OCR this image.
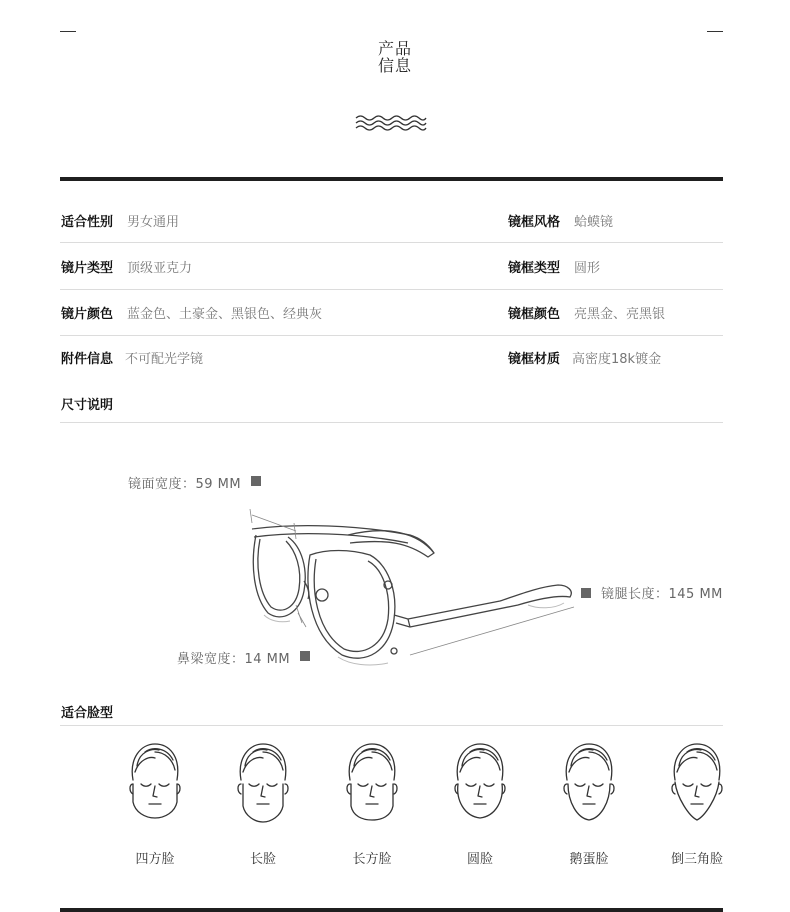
产品
信息
适合性别 男女通用	镜框风格 蛤蟆镜
镜片类型 顶级亚克力	镜框类型 圆形
镜片颜色 蓝金色、土豪金、黑银色、经典灰	镜框颜色 亮黑金、亮黑银
附件信息 不可配光学镜	镜框材质 高密度18k镀金
尺寸说明
镜面宽度：59 MM
镜腿长度：145 MM
鼻梁宽度：14 MM
适合脸型
四方脸	长脸	长方脸	圆脸	鹅蛋脸	倒三角脸
